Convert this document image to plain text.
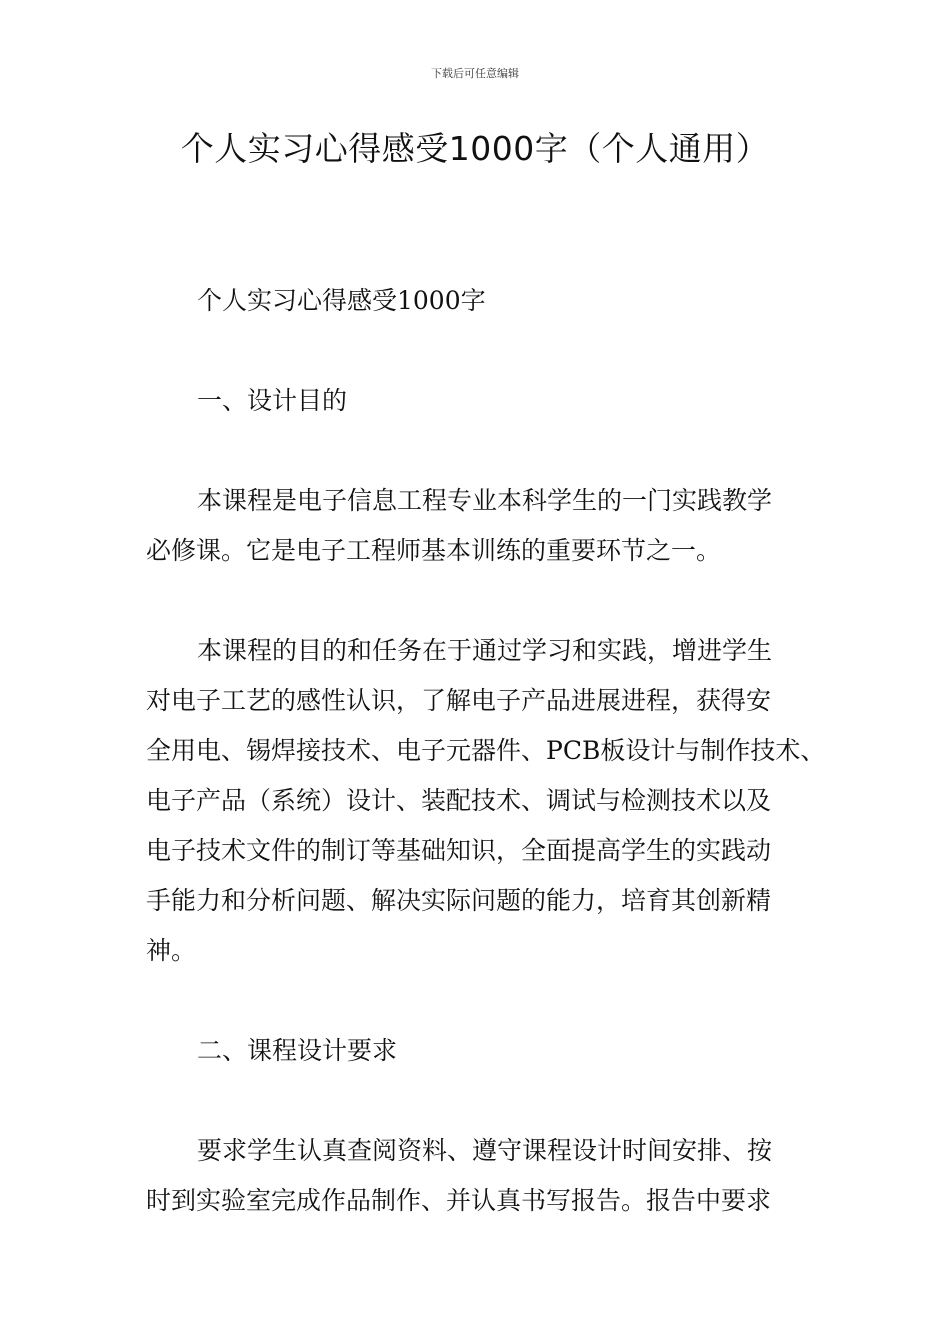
下载后可任意编辑
个人实习心得感受1000字（个人通用）
个人实习心得感受1000字
一、设计目的
本课程是电子信息工程专业本科学生的一门实践教学
必修课。它是电子工程师基本训练的重要环节之一。
本课程的目的和任务在于通过学习和实践，增进学生
对电子工艺的感性认识，了解电子产品进展进程，获得安
全用电、锡焊接技术、电子元器件、PCB板设计与制作技术、
电子产品（系统）设计、装配技术、调试与检测技术以及
电子技术文件的制订等基础知识，全面提高学生的实践动
手能力和分析问题、解决实际问题的能力，培育其创新精
神。
二、课程设计要求
要求学生认真查阅资料、遵守课程设计时间安排、按
时到实验室完成作品制作、并认真书写报告。报告中要求
